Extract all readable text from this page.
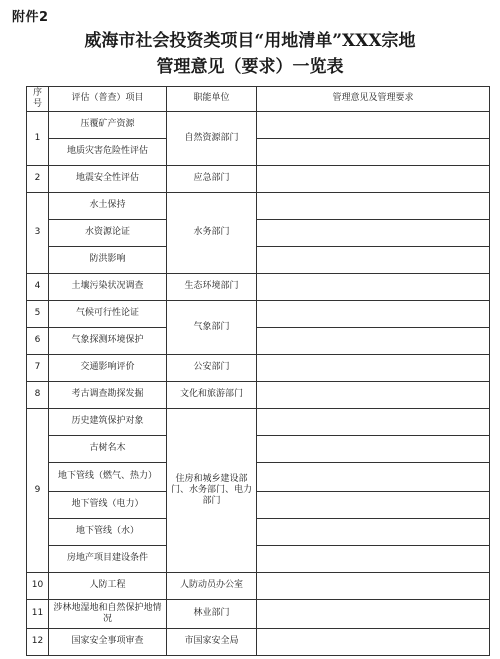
附件2
威海市社会投资类项目“用地清单”XXX宗地
管理意见（要求）一览表
序号	评估（普查）项目	职能单位	管理意见及管理要求
1	压覆矿产资源	自然资源部门	
	地质灾害危险性评估		
2	地震安全性评估	应急部门	
3	水土保持	水务部门	
	水资源论证		
	防洪影响		
4	土壤污染状况调查	生态环境部门	
5	气候可行性论证	气象部门	
6	气象探测环境保护		
7	交通影响评价	公安部门	
8	考古调查勘探发掘	文化和旅游部门	
9	历史建筑保护对象	住房和城乡建设部门、水务部门、电力部门	
	古树名木		
	地下管线（燃气、热力）		
	地下管线（电力）		
	地下管线（水）		
	房地产项目建设条件		
10	人防工程	人防动员办公室	
11	涉林地湿地和自然保护地情况	林业部门	
12	国家安全事项审查	市国家安全局	
